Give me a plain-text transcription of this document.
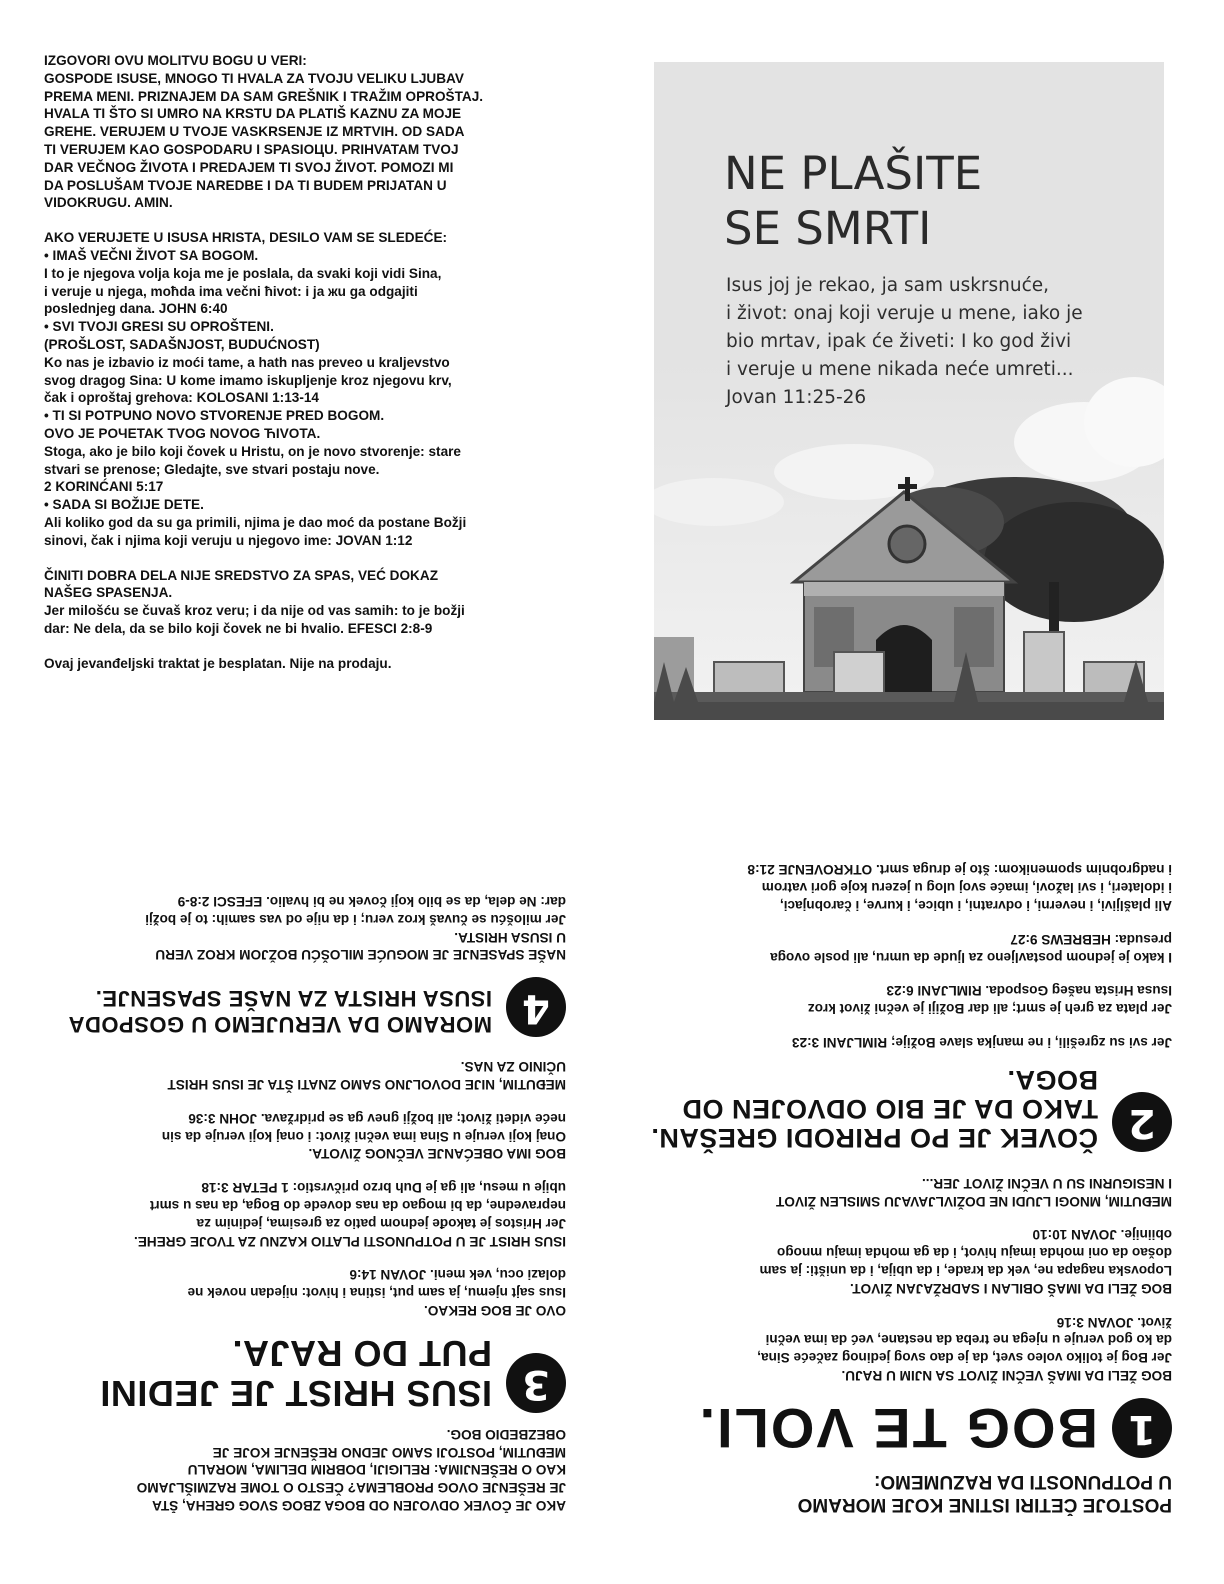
IZGOVORI OVU MOLITVU BOGU U VERI:
GOSPODE ISUSE, MNOGO TI HVALA ZA TVOJU VELIKU LJUBAV
PREMA MENI. PRIZNAJEM DA SAM GREŠNIK I TRAŽIM OPROŠTAJ.
HVALA TI ŠTO SI UMRO NA KRSTU DA PLATIŠ KAZNU ZA MOJE
GREHE. VERUJEM U TVOJE VASKRSENJE IZ MRTVIH. OD SADA
TI VERUJEM KAO GOSPODARU I SPASIOЦU. PRIHVATAM TVOJ
DAR VEČNOG ŽIVOTA I PREDAJEM TI SVOJ ŽIVOT. POMOZI MI
DA POSLUŠAM TVOJE NAREDBE I DA TI BUDEM PRIJATAN U
VIDOKRUGU. AMIN.
AKO VERUJETE U ISUSA HRISTA, DESILO VAM SE SLEDEĆE:
• IMAŠ VEČNI ŽIVOT SA BOGOM.
I to je njegova volja koja me je poslala, da svaki koji vidi Sina,
i veruje u njega, moћda ima večni ћivot: i ja жu ga odgajiti
poslednjeg dana. JOHN 6:40
• SVI TVOJI GRESI SU OPROŠTENI.
(PROŠLOST, SADAŠNJOST, BUDUĆNOST)
Ko nas je izbavio iz moći tame, a hath nas preveo u kraljevstvo
svog dragog Sina: U kome imamo iskupljenje kroz njegovu krv,
čak i oproštaj grehova: KOLOSANI 1:13-14
• TI SI POTPUNO NOVO STVORENJE PRED BOGOM.
OVO JE POЧETAK TVOG NOVOG ЋIVOTA.
Stoga, ako je bilo koji čovek u Hristu, on je novo stvorenje: stare
stvari se prenose; Gledajte, sve stvari postaju nove.
2 KORINĆANI 5:17
• SADA SI BOŽIJE DETE.
Ali koliko god da su ga primili, njima je dao moć da postane Božji
sinovi, čak i njima koji veruju u njegovo ime: JOVAN 1:12
ČINITI DOBRA DELA NIJE SREDSTVO ZA SPAS, VEĆ DOKAZ
NAŠEG SPASENJA.
Jer milošću se čuvaš kroz veru; i da nije od vas samih: to je božji
dar: Ne dela, da se bilo koji čovek ne bi hvalio. EFESCI 2:8-9

Ovaj jevanđeljski traktat je besplatan. Nije na prodaju.

NE PLAŠITE
SE SMRTI
Isus joj je rekao, ja sam uskrsnuće,
i život: onaj koji veruje u mene, iako je
bio mrtav, ipak će živeti: I ko god živi
i veruje u mene nikada neće umreti...
Jovan 11:25-26
POSTOJE ČETIRI ISTINE KOJE MORAMO
U POTPUNOSTI DA RAZUMEMO:
1
BOG TE VOLI.
BOG ŽELI DA IMAŠ VEČNI ŽIVOT SA NJIM U RAJU.
Jer Bog je toliko voleo svet, da je dao svog jedinog začeće Sina,
da ko god veruje u njega ne treba da nestane, već da ima večni
život. JOVAN 3:16
BOG ŽELI DA IMAŠ OBILAN I SADRŽAJAN ŽIVOT.
Lopovska nagapa ne, vek da krade, i da ubija, i da uništi: ja sam
došao da oni mohda imaju hivot, i da ga mohda imaju mnogo
obiinije. JOVAN 10:10
MEĐUTIM, MNOGI LJUDI NE DOŽIVLJAVAJU SMISLEN ŽIVOT
I NESIGURNI SU U VEČNI ŽIVOT JER...
2
ČOVEK JE PO PRIRODI GREŠAN.
TAKO DA JE BIO ODVOJEN OD BOGA.
Jer svi su zgrešili, i ne manjka slave Božije; RIMLJANI 3:23
Jer plata za greh je smrt; ali dar Božiji je večni život kroz
Isusa Hrista našeg Gospoda. RIMLJANI 6:23
I kako je jednom postavljeno za ljude da umru, ali posle ovoga
presuda: HEBREWS 9:27
Ali plašljivi, i neverni, i odvratni, i ubice, i kurve, i čarobnjaci,
i idolateri, i svi lažovi, imaće svoj ulog u jezeru koje gori vatrom
i nadgrobnim spomenikom: što je druga smrt. OTKROVENJE 21:8
AKO JE ČOVEK ODVOJEN OD BOGA ZBOG SVOG GREHA, ŠTA
JE REŠENJE OVOG PROBLEMA? ČESTO O TOME RAZMIŠLJAMO
KAO O REŠENJIMA: RELIGIJI, DOBRIM DELIMA, MORALU
MEĐUTIM, POSTOJI SAMO JEDNO REŠENJE KOJE JE
OBEZBEDIO BOG.
3
ISUS HRIST JE JEDINI
PUT DO RAJA.
OVO JE BOG REKAO.
Isus sajt njemu, ja sam put, istina i hivot: nijedan novek ne
dolazi ocu, vek meni. JOVAN 14:6
ISUS HRIST JE U POTPUNOSTI PLATIO KAZNU ZA TVOJE GREHE.
Jer Hristos je takođe jednom patio za gresima, jedinim za
nepravedne, da bi mogao da nas dovede do Boga, da nas u smrt
ubije u mesu, ali ga je Duh brzo pričvrstio: 1 PETAR 3:18
BOG IMA OBEĆANJE VEČNOG ŽIVOTA.
Onaj koji veruje u Sina ima večni život: i onaj koji veruje da sin
neće videti život; ali božji gnev ga se pridržava. JOHN 3:36
MEĐUTIM, NIJE DOVOLJNO SAMO ZNATI ŠTA JE ISUS HRIST
UČINIO ZA NAS.
4
MORAMO DA VERUJEMO U GOSPODA
ISUSA HRISTA ZA NAŠE SPASENJE.
NAŠE SPASENJE JE MOGUĆE MILOŠĆU BOŽJOM KROZ VERU
U ISUSA HRISTA.
Jer milošću se čuvaš kroz veru; i da nije od vas samih: to je božji
dar: Ne dela, da se bilo koji čovek ne bi hvalio. EFESCI 2:8-9
